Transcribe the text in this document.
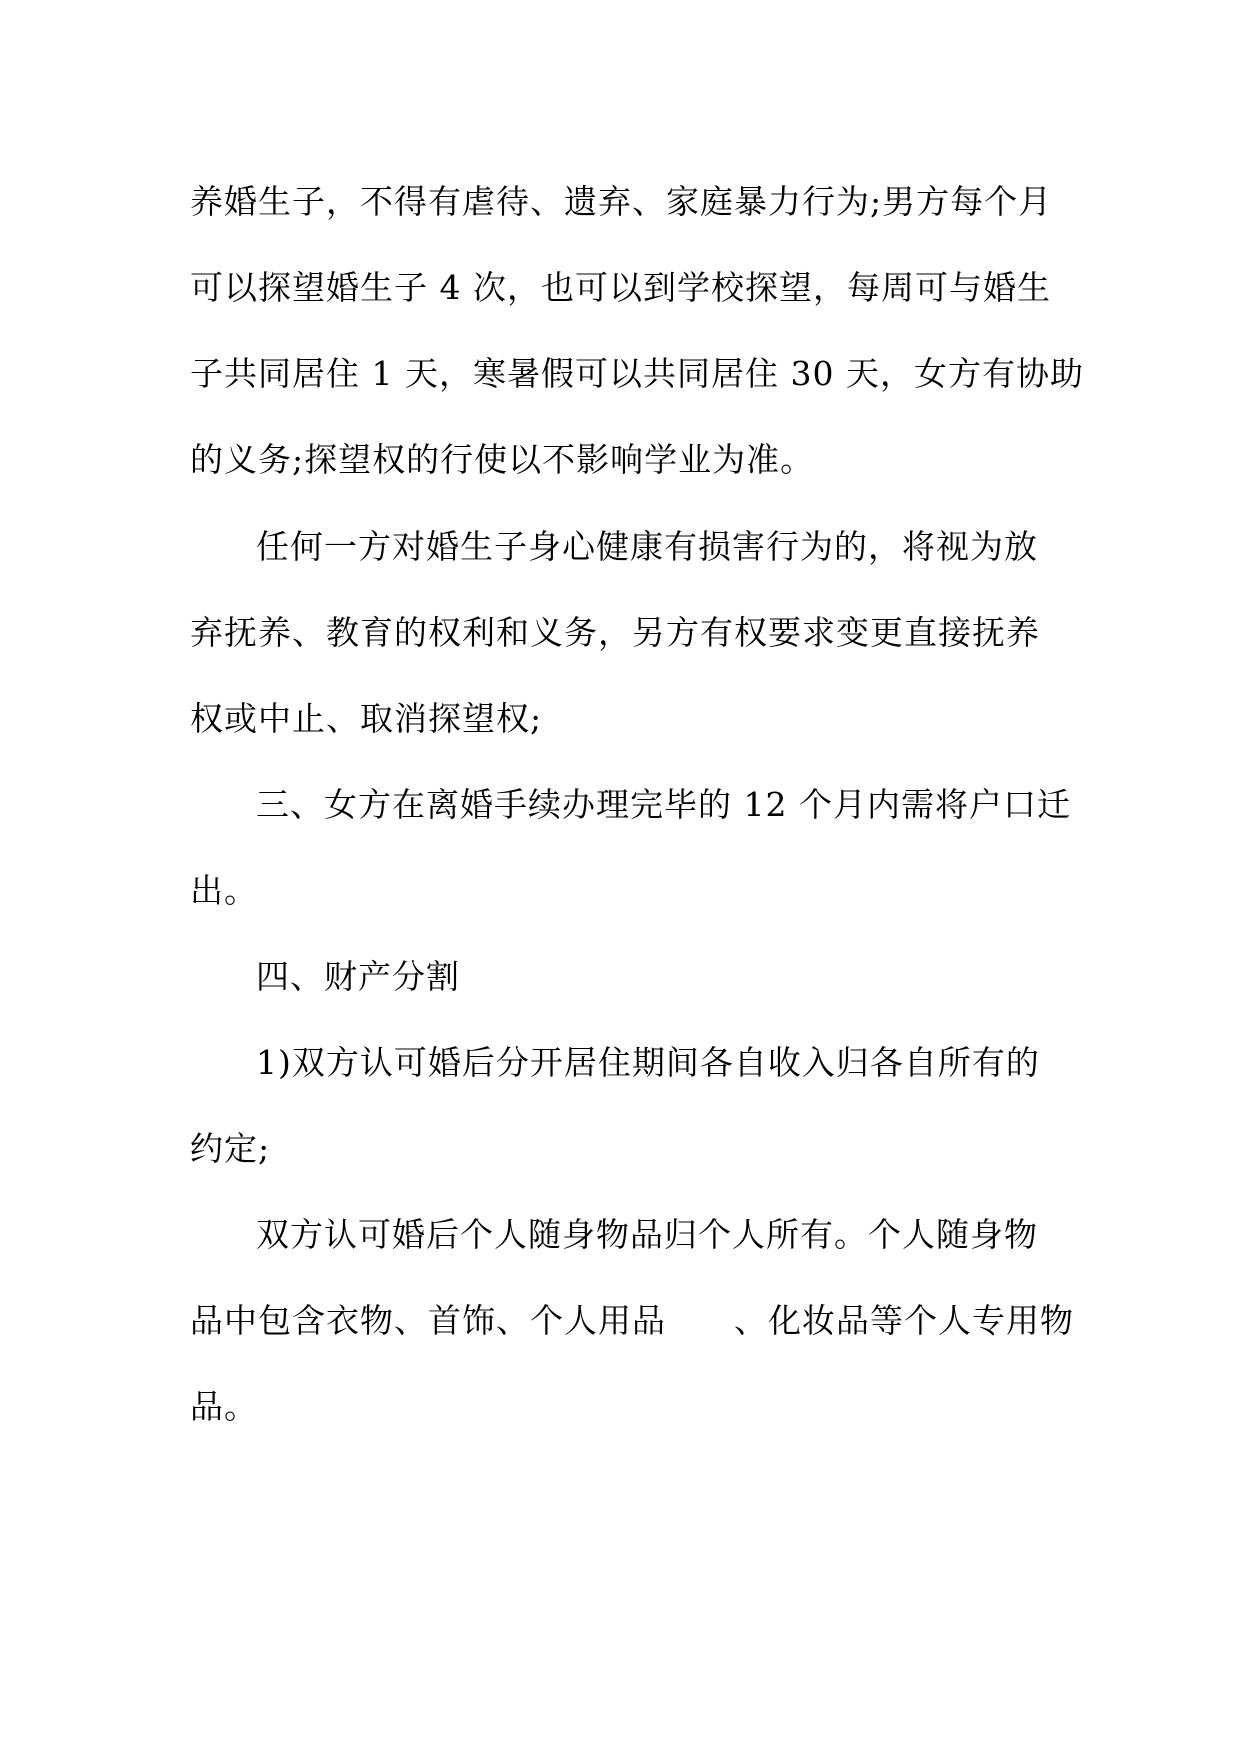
养婚生子，不得有虐待、遗弃、家庭暴力行为;男方每个月
可以探望婚生子 4 次，也可以到学校探望，每周可与婚生
子共同居住 1 天，寒暑假可以共同居住 30 天，女方有协助
的义务;探望权的行使以不影响学业为准。
任何一方对婚生子身心健康有损害行为的，将视为放
弃抚养、教育的权利和义务，另方有权要求变更直接抚养
权或中止、取消探望权;
三、女方在离婚手续办理完毕的 12 个月内需将户口迁
出。
四、财产分割
1)双方认可婚后分开居住期间各自收入归各自所有的
约定;
双方认可婚后个人随身物品归个人所有。个人随身物
品中包含衣物、首饰、个人用品　　、化妆品等个人专用物
品。
